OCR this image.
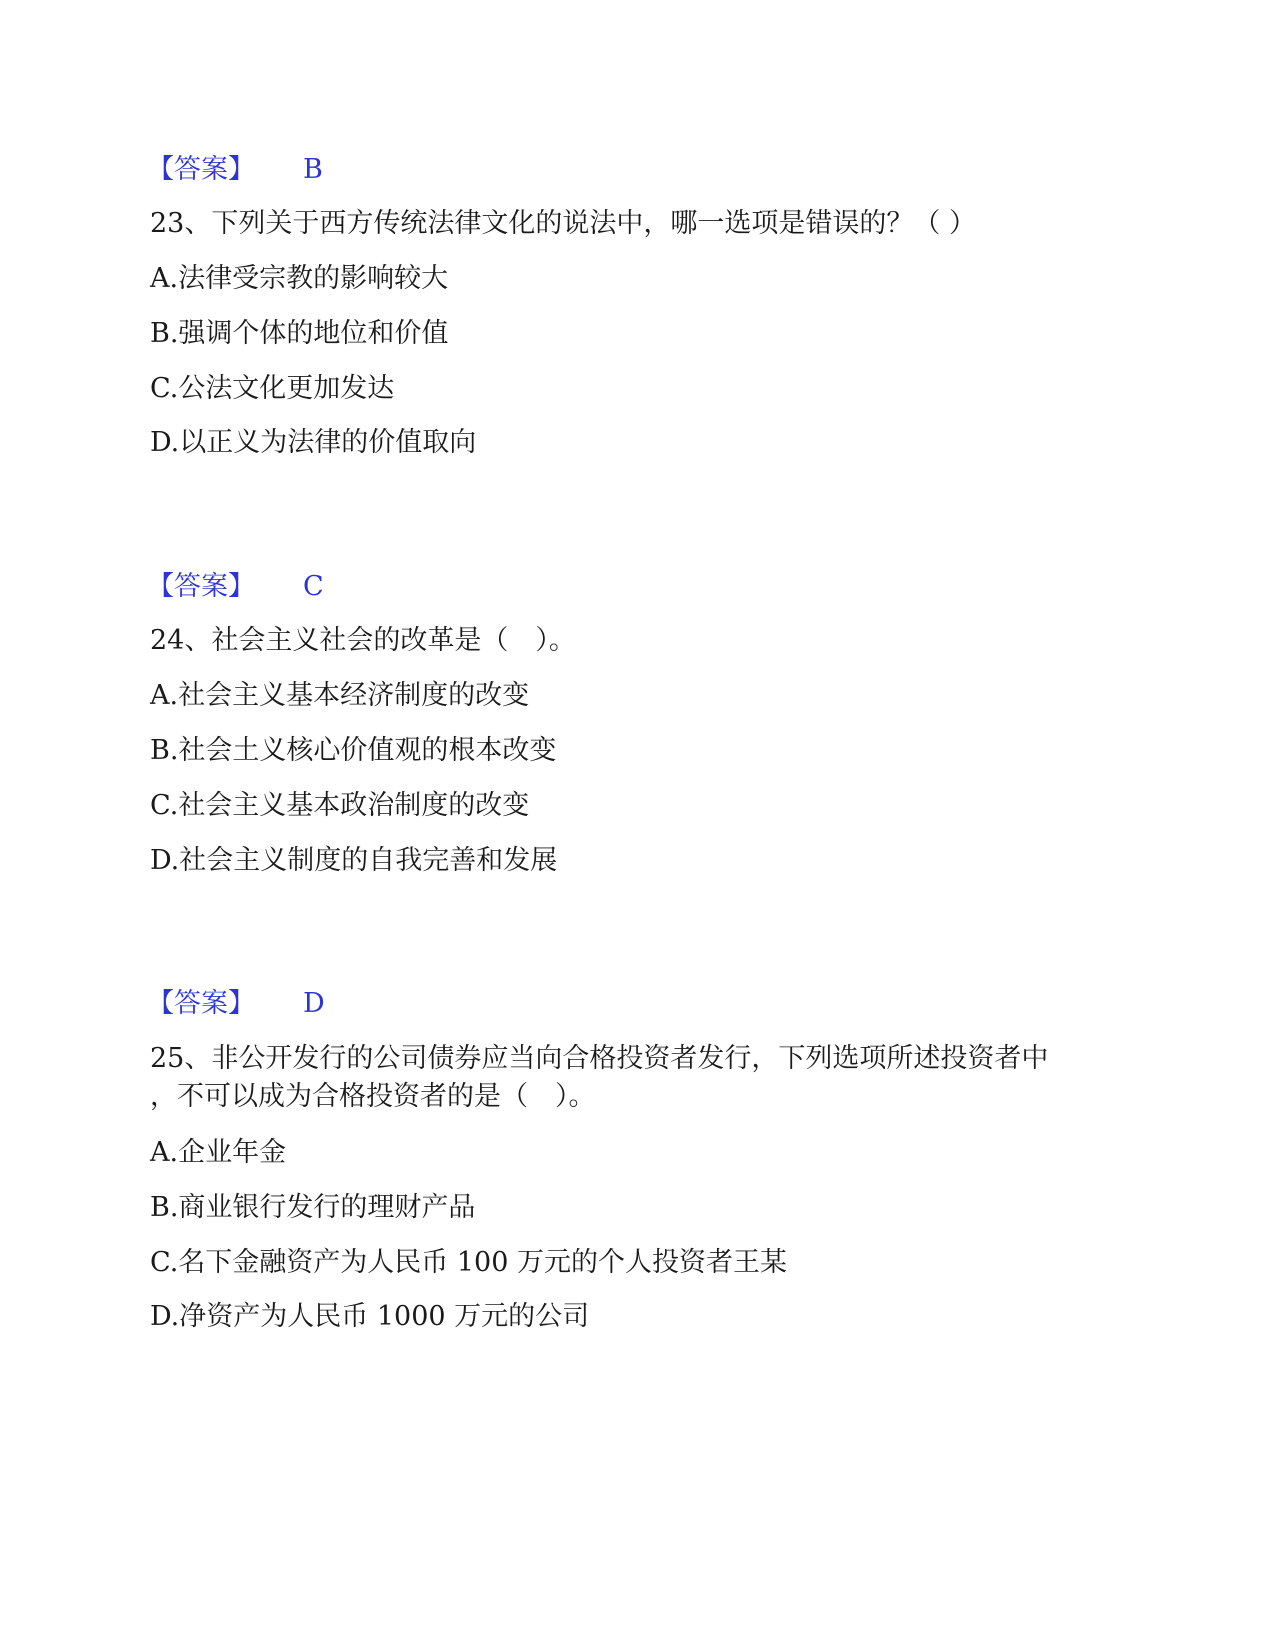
【答案】 B
23、下列关于西方传统法律文化的说法中，哪一选项是错误的？（ ）
A.法律受宗教的影响较大
B.强调个体的地位和价值
C.公法文化更加发达
D.以正义为法律的价值取向
【答案】 C
24、社会主义社会的改革是（　）。
A.社会主义基本经济制度的改变
B.社会土义核心价值观的根本改变
C.社会主义基本政治制度的改变
D.社会主义制度的自我完善和发展
【答案】 D
25、非公开发行的公司债券应当向合格投资者发行，下列选项所述投资者中
，不可以成为合格投资者的是（　）。
A.企业年金
B.商业银行发行的理财产品
C.名下金融资产为人民币 100 万元的个人投资者王某
D.净资产为人民币 1000 万元的公司
